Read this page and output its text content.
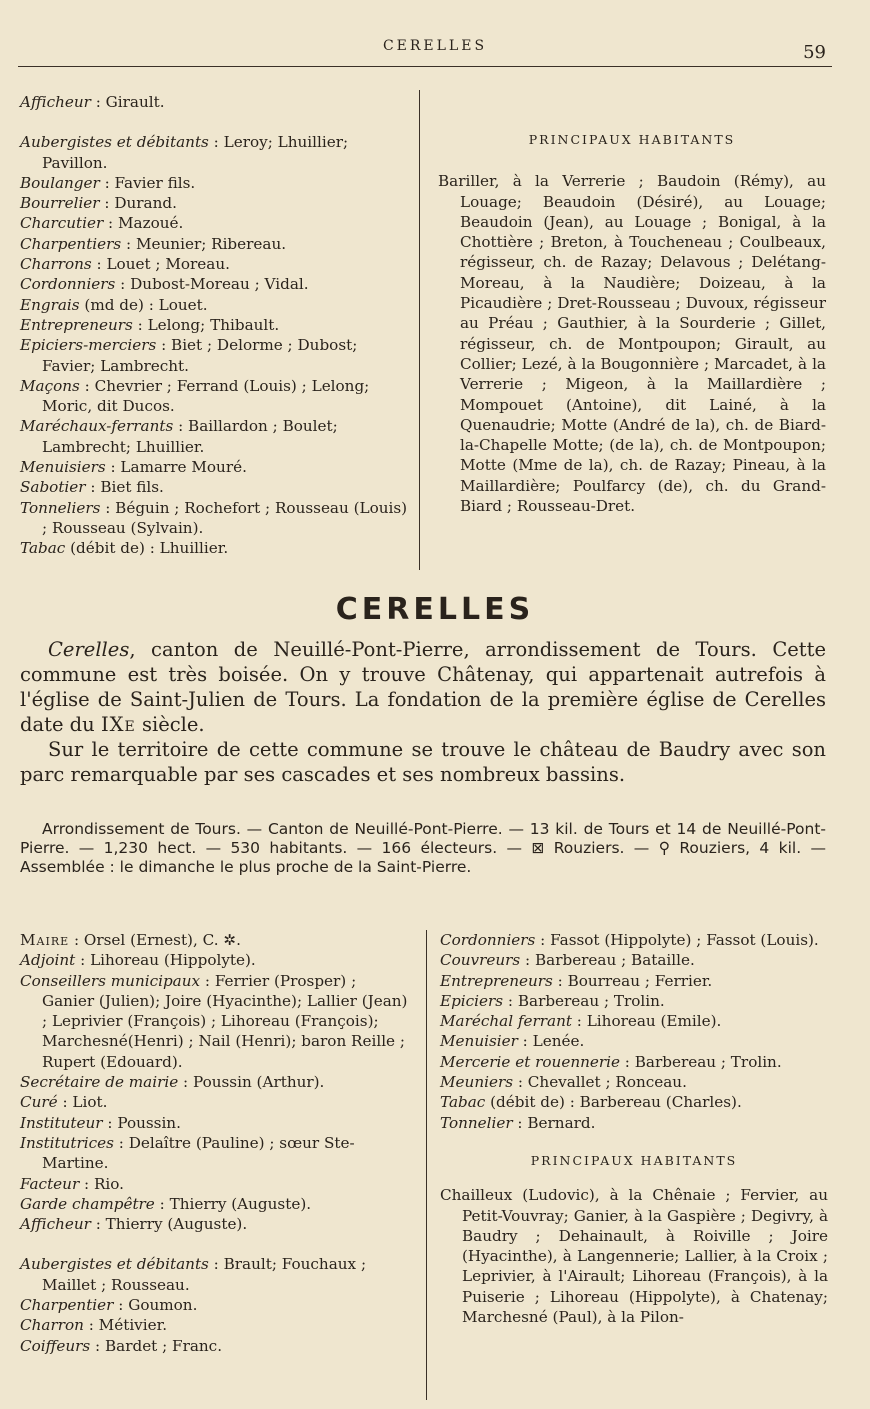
CERELLES	59

Afficheur : Girault.

Aubergistes et débitants : Leroy; Lhuillier; Pavillon.

Boulanger : Favier fils.

Bourrelier : Durand.

Charcutier : Mazoué.

Charpentiers : Meunier; Ribereau.

Charrons : Louet ; Moreau.

Cordonniers : Dubost-Moreau ; Vidal.

Engrais (md de) : Louet.

Entrepreneurs : Lelong; Thibault.

Epiciers-merciers : Biet ; Delorme ; Dubost; Favier; Lambrecht.

Maçons : Chevrier ; Ferrand (Louis) ; Lelong; Moric, dit Ducos.

Maréchaux-ferrants : Baillardon ; Boulet; Lambrecht; Lhuillier.

Menuisiers : Lamarre Mouré.

Sabotier : Biet fils.

Tonneliers : Béguin ; Rochefort ; Rousseau (Louis) ; Rousseau (Sylvain).

Tabac (débit de) : Lhuillier.

PRINCIPAUX HABITANTS

Bariller, à la Verrerie ; Baudoin (Rémy), au Louage; Beaudoin (Désiré), au Louage; Beaudoin (Jean), au Louage ; Bonigal, à la Chottière ; Breton, à Toucheneau ; Coulbeaux, régisseur, ch. de Razay; Delavous ; Delétang-Moreau, à la Naudière; Doizeau, à la Picaudière ; Dret-Rousseau ; Duvoux, régisseur au Préau ; Gauthier, à la Sourderie ; Gillet, régisseur, ch. de Montpoupon; Girault, au Collier; Lezé, à la Bougonnière ; Marcadet, à la Verrerie ; Migeon, à la Maillardière ; Mompouet (Antoine), dit Lainé, à la Quenaudrie; Motte (André de la), ch. de Biard-la-Chapelle Motte; (de la), ch. de Montpoupon; Motte (Mme de la), ch. de Razay; Pineau, à la Maillardière; Poulfarcy (de), ch. du Grand-Biard ; Rousseau-Dret.

CERELLES

Cerelles, canton de Neuillé-Pont-Pierre, arrondissement de Tours. Cette commune est très boisée. On y trouve Châtenay, qui appartenait autrefois à l'église de Saint-Julien de Tours. La fondation de la première église de Cerelles date du IXe siècle.

Sur le territoire de cette commune se trouve le château de Baudry avec son parc remarquable par ses cascades et ses nombreux bassins.

Arrondissement de Tours. — Canton de Neuillé-Pont-Pierre. — 13 kil. de Tours et 14 de Neuillé-Pont-Pierre. — 1,230 hect. — 530 habitants. — 166 électeurs. — ⊠ Rouziers. — ⚲ Rouziers, 4 kil. — Assemblée : le dimanche le plus proche de la Saint-Pierre.

Maire : Orsel (Ernest), C. ✲.

Adjoint : Lihoreau (Hippolyte).

Conseillers municipaux : Ferrier (Prosper) ; Ganier (Julien); Joire (Hyacinthe); Lallier (Jean) ; Leprivier (François) ; Lihoreau (François); Marchesné(Henri) ; Nail (Henri); baron Reille ; Rupert (Edouard).

Secrétaire de mairie : Poussin (Arthur).

Curé : Liot.

Instituteur : Poussin.

Institutrices : Delaître (Pauline) ; sœur Ste-Martine.

Facteur : Rio.

Garde champêtre : Thierry (Auguste).

Afficheur : Thierry (Auguste).

Aubergistes et débitants : Brault; Fouchaux ; Maillet ; Rousseau.

Charpentier : Goumon.

Charron : Métivier.

Coiffeurs : Bardet ; Franc.

Cordonniers : Fassot (Hippolyte) ; Fassot (Louis).

Couvreurs : Barbereau ; Bataille.

Entrepreneurs : Bourreau ; Ferrier.

Epiciers : Barbereau ; Trolin.

Maréchal ferrant : Lihoreau (Emile).

Menuisier : Lenée.

Mercerie et rouennerie : Barbereau ; Trolin.

Meuniers : Chevallet ; Ronceau.

Tabac (débit de) : Barbereau (Charles).

Tonnelier : Bernard.

PRINCIPAUX HABITANTS

Chailleux (Ludovic), à la Chênaie ; Fervier, au Petit-Vouvray; Ganier, à la Gaspière ; Degivry, à Baudry ; Dehainault, à Roiville ; Joire (Hyacinthe), à Langennerie; Lallier, à la Croix ; Leprivier, à l'Airault; Lihoreau (François), à la Puiserie ; Lihoreau (Hippolyte), à Chatenay; Marchesné (Paul), à la Pilon-
